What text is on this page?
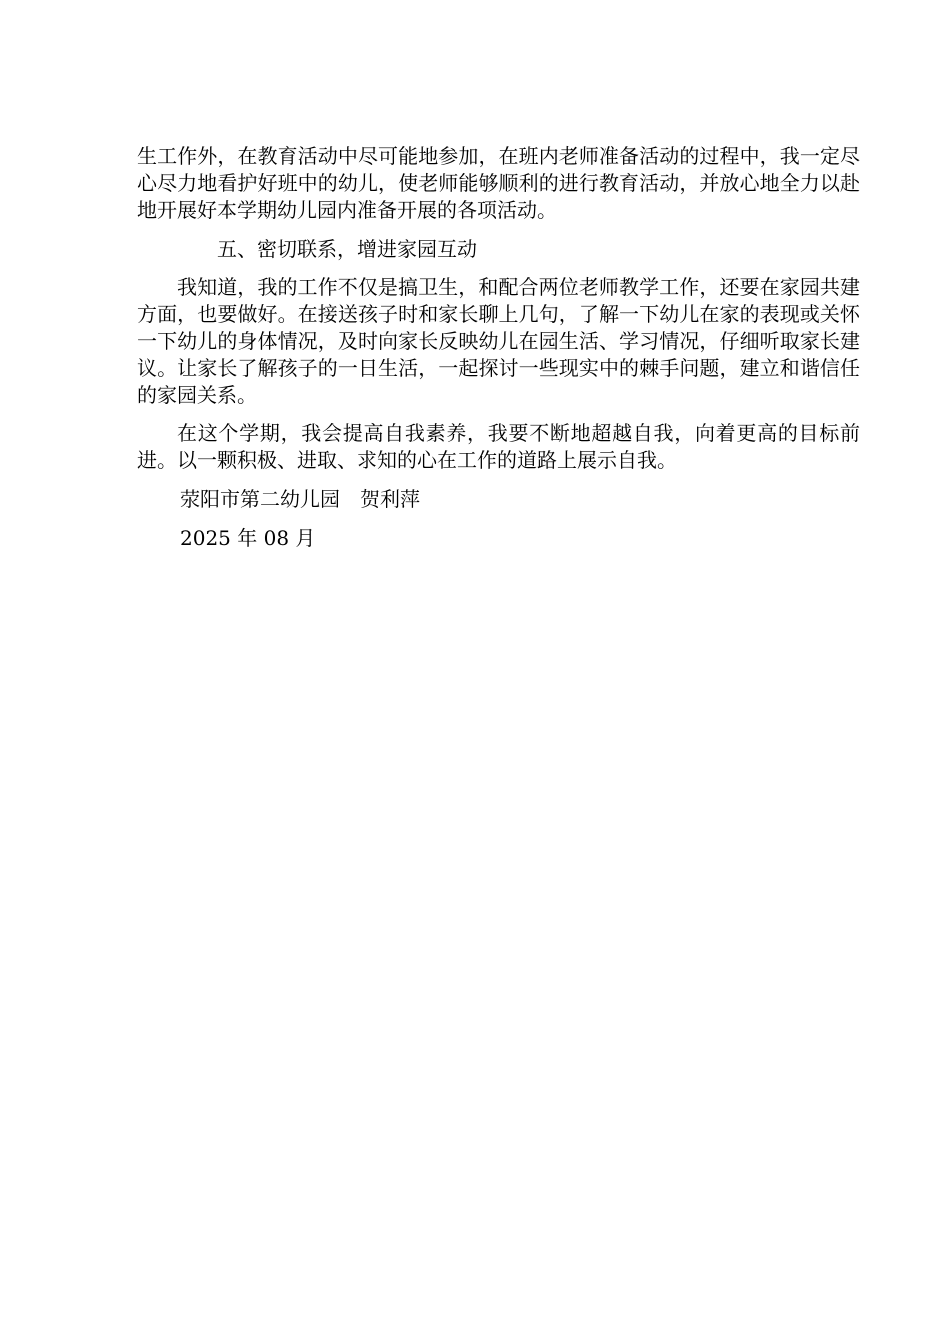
生工作外，在教育活动中尽可能地参加，在班内老师准备活动的过程中，我一定尽心尽力地看护好班中的幼儿，使老师能够顺利的进行教育活动，并放心地全力以赴地开展好本学期幼儿园内准备开展的各项活动。

五、密切联系，增进家园互动

我知道，我的工作不仅是搞卫生，和配合两位老师教学工作，还要在家园共建方面，也要做好。在接送孩子时和家长聊上几句，了解一下幼儿在家的表现或关怀一下幼儿的身体情况，及时向家长反映幼儿在园生活、学习情况，仔细听取家长建议。让家长了解孩子的一日生活，一起探讨一些现实中的棘手问题，建立和谐信任的家园关系。

在这个学期，我会提高自我素养，我要不断地超越自我，向着更高的目标前进。以一颗积极、进取、求知的心在工作的道路上展示自我。

荥阳市第二幼儿园　贺利萍

2025 年 08 月
